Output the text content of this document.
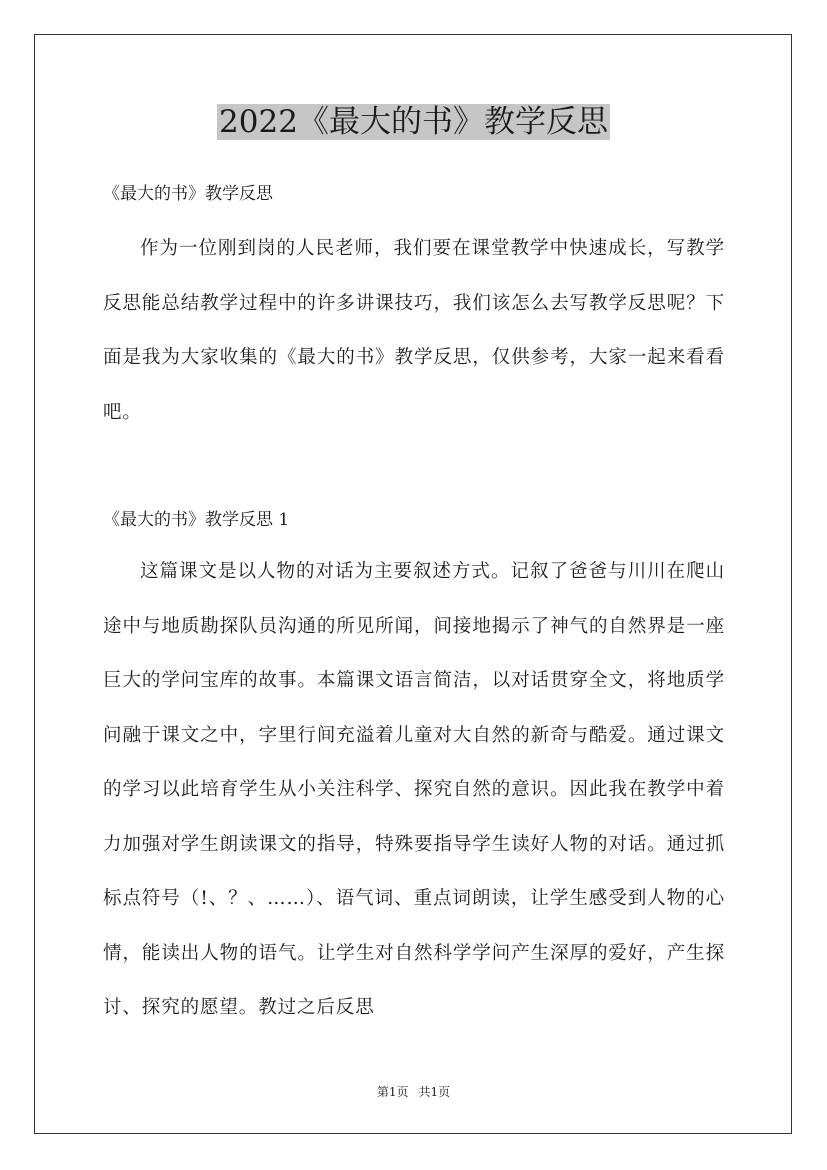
2022《最大的书》教学反思
《最大的书》教学反思

作为一位刚到岗的人民老师，我们要在课堂教学中快速成长，写教学反思能总结教学过程中的许多讲课技巧，我们该怎么去写教学反思呢？下面是我为大家收集的《最大的书》教学反思，仅供参考，大家一起来看看吧。

《最大的书》教学反思 1

这篇课文是以人物的对话为主要叙述方式。记叙了爸爸与川川在爬山途中与地质勘探队员沟通的所见所闻，间接地揭示了神气的自然界是一座巨大的学问宝库的故事。本篇课文语言简洁，以对话贯穿全文，将地质学问融于课文之中，字里行间充溢着儿童对大自然的新奇与酷爱。通过课文的学习以此培育学生从小关注科学、探究自然的意识。因此我在教学中着力加强对学生朗读课文的指导，特殊要指导学生读好人物的对话。通过抓标点符号（!、？、……）、语气词、重点词朗读，让学生感受到人物的心情，能读出人物的语气。让学生对自然科学学问产生深厚的爱好，产生探讨、探究的愿望。教过之后反思

第1页 共1页
